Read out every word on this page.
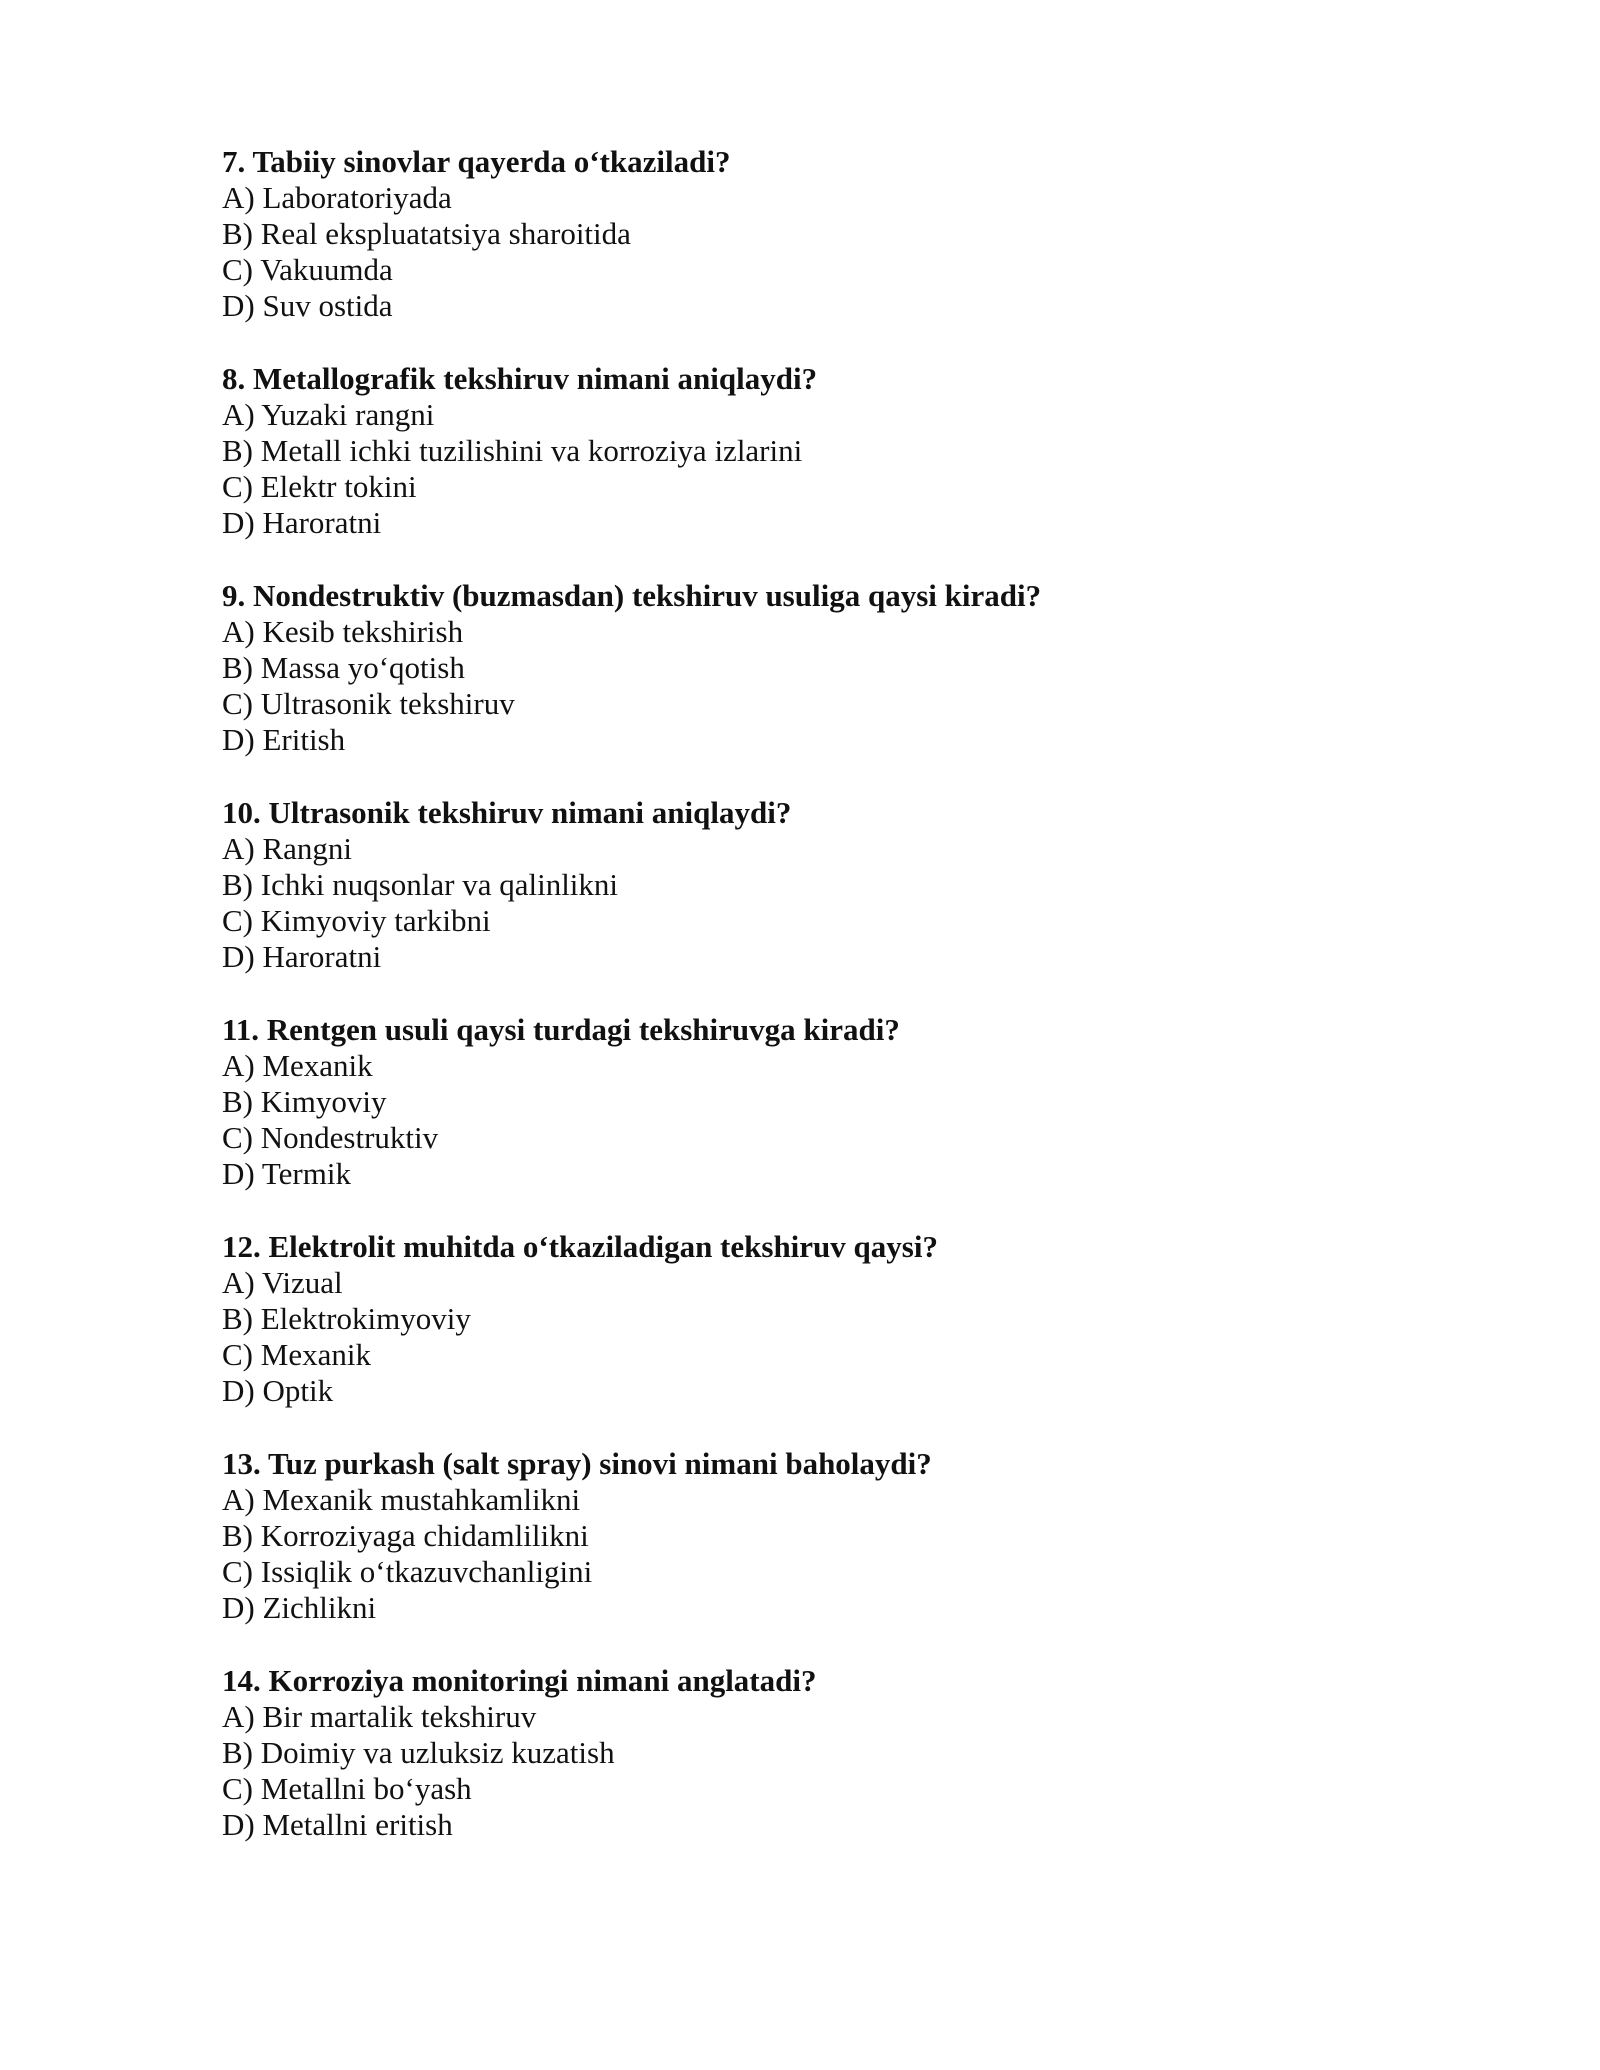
7. Tabiiy sinovlar qayerda o‘tkaziladi?
A) Laboratoriyada
B) Real ekspluatatsiya sharoitida
C) Vakuumda
D) Suv ostida
8. Metallografik tekshiruv nimani aniqlaydi?
A) Yuzaki rangni
B) Metall ichki tuzilishini va korroziya izlarini
C) Elektr tokini
D) Haroratni
9. Nondestruktiv (buzmasdan) tekshiruv usuliga qaysi kiradi?
A) Kesib tekshirish
B) Massa yo‘qotish
C) Ultrasonik tekshiruv
D) Eritish
10. Ultrasonik tekshiruv nimani aniqlaydi?
A) Rangni
B) Ichki nuqsonlar va qalinlikni
C) Kimyoviy tarkibni
D) Haroratni
11. Rentgen usuli qaysi turdagi tekshiruvga kiradi?
A) Mexanik
B) Kimyoviy
C) Nondestruktiv
D) Termik
12. Elektrolit muhitda o‘tkaziladigan tekshiruv qaysi?
A) Vizual
B) Elektrokimyoviy
C) Mexanik
D) Optik
13. Tuz purkash (salt spray) sinovi nimani baholaydi?
A) Mexanik mustahkamlikni
B) Korroziyaga chidamlilikni
C) Issiqlik o‘tkazuvchanligini
D) Zichlikni
14. Korroziya monitoringi nimani anglatadi?
A) Bir martalik tekshiruv
B) Doimiy va uzluksiz kuzatish
C) Metallni bo‘yash
D) Metallni eritish
